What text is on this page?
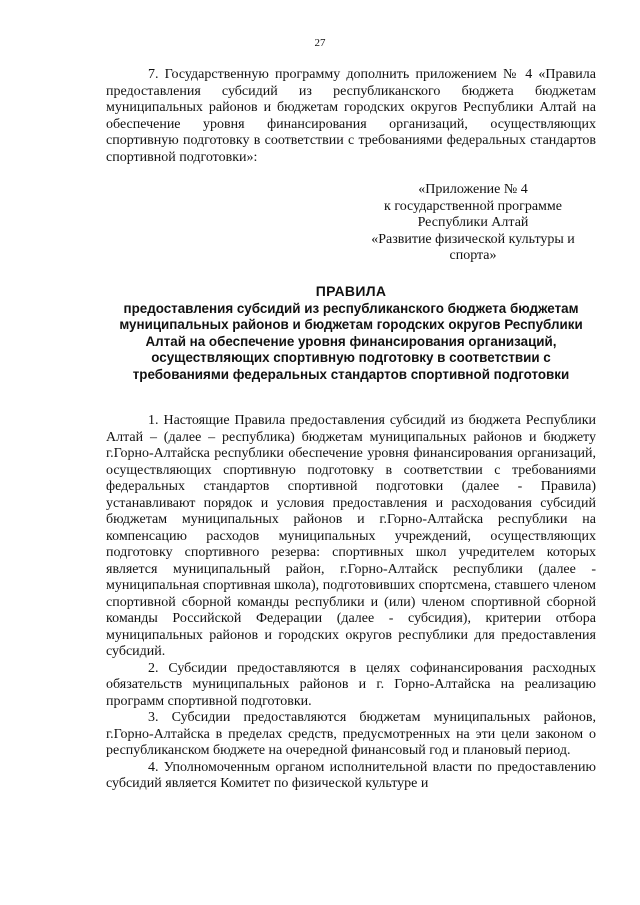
27

7. Государственную программу дополнить приложением № 4 «Правила предоставления субсидий из республиканского бюджета бюджетам муниципальных районов и бюджетам городских округов Республики Алтай на обеспечение уровня финансирования организаций, осуществляющих спортивную подготовку в соответствии с требованиями федеральных стандартов спортивной подготовки»:

«Приложение № 4
к государственной программе
Республики Алтай
«Развитие физической культуры и
спорта»
ПРАВИЛА
предоставления субсидий из республиканского бюджета бюджетам муниципальных районов и бюджетам городских округов Республики Алтай на обеспечение уровня финансирования организаций, осуществляющих спортивную подготовку в соответствии с требованиями федеральных стандартов спортивной подготовки

1. Настоящие Правила предоставления субсидий из бюджета Республики Алтай – (далее – республика) бюджетам муниципальных районов и бюджету г.Горно-Алтайска республики обеспечение уровня финансирования организаций, осуществляющих спортивную подготовку в соответствии с требованиями федеральных стандартов спортивной подготовки (далее - Правила) устанавливают порядок и условия предоставления и расходования субсидий бюджетам муниципальных районов и г.Горно-Алтайска республики на компенсацию расходов муниципальных учреждений, осуществляющих подготовку спортивного резерва: спортивных школ учредителем которых является муниципальный район, г.Горно-Алтайск республики (далее - муниципальная спортивная школа), подготовивших спортсмена, ставшего членом спортивной сборной команды республики и (или) членом спортивной сборной команды Российской Федерации (далее - субсидия), критерии отбора муниципальных районов и городских округов республики для предоставления субсидий.

2. Субсидии предоставляются в целях софинансирования расходных обязательств муниципальных районов и г. Горно-Алтайска на реализацию программ спортивной подготовки.

3. Субсидии предоставляются бюджетам муниципальных районов, г.Горно-Алтайска в пределах средств, предусмотренных на эти цели законом о республиканском бюджете на очередной финансовый год и плановый период.

4. Уполномоченным органом исполнительной власти по предоставлению субсидий является Комитет по физической культуре и
